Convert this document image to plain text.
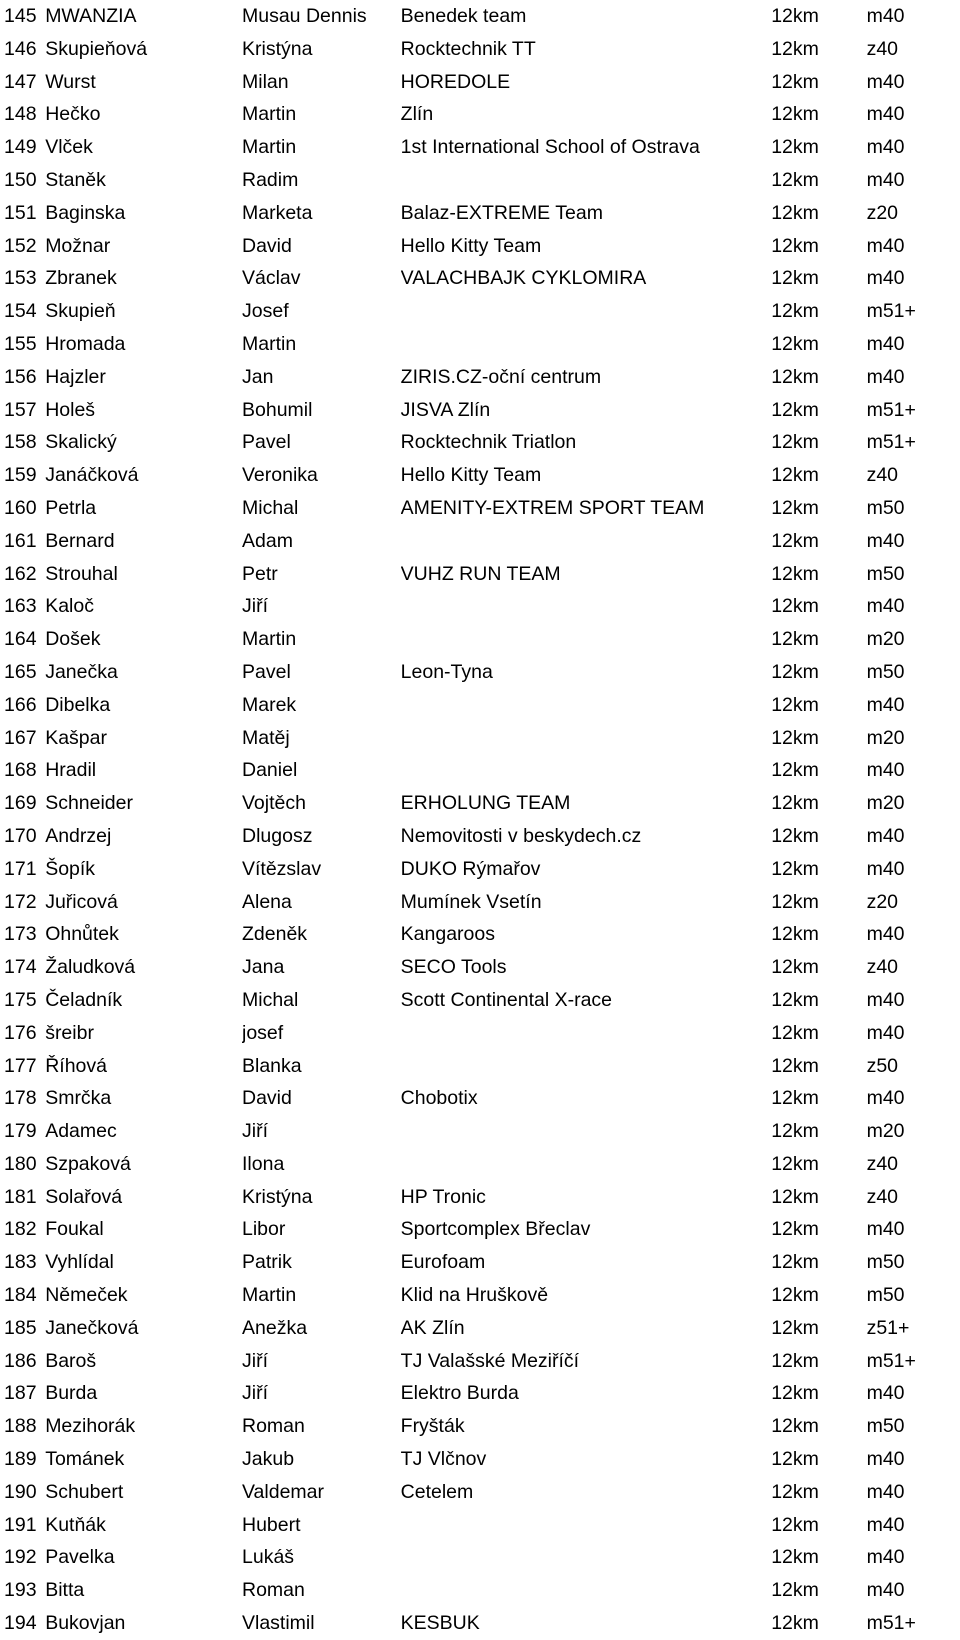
145	MWANZIA	Musau Dennis	Benedek team	12km	m40
146	Skupieňová	Kristýna	Rocktechnik TT	12km	z40
147	Wurst	Milan	HOREDOLE	12km	m40
148	Hečko	Martin	Zlín	12km	m40
149	Vlček	Martin	1st International School of Ostrava	12km	m40
150	Staněk	Radim		12km	m40
151	Baginska	Marketa	Balaz-EXTREME Team	12km	z20
152	Možnar	David	Hello Kitty Team	12km	m40
153	Zbranek	Václav	VALACHBAJK CYKLOMIRA	12km	m40
154	Skupieň	Josef		12km	m51+
155	Hromada	Martin		12km	m40
156	Hajzler	Jan	ZIRIS.CZ-oční centrum	12km	m40
157	Holeš	Bohumil	JISVA Zlín	12km	m51+
158	Skalický	Pavel	Rocktechnik Triatlon	12km	m51+
159	Janáčková	Veronika	Hello Kitty Team	12km	z40
160	Petrla	Michal	AMENITY-EXTREM SPORT TEAM	12km	m50
161	Bernard	Adam		12km	m40
162	Strouhal	Petr	VUHZ RUN TEAM	12km	m50
163	Kaloč	Jiří		12km	m40
164	Došek	Martin		12km	m20
165	Janečka	Pavel	Leon-Tyna	12km	m50
166	Dibelka	Marek		12km	m40
167	Kašpar	Matěj		12km	m20
168	Hradil	Daniel		12km	m40
169	Schneider	Vojtěch	ERHOLUNG TEAM	12km	m20
170	Andrzej	Dlugosz	Nemovitosti v beskydech.cz	12km	m40
171	Šopík	Vítězslav	DUKO Rýmařov	12km	m40
172	Juřicová	Alena	Mumínek Vsetín	12km	z20
173	Ohnůtek	Zdeněk	Kangaroos	12km	m40
174	Žaludková	Jana	SECO Tools	12km	z40
175	Čeladník	Michal	Scott Continental X-race	12km	m40
176	šreibr	josef		12km	m40
177	Říhová	Blanka		12km	z50
178	Smrčka	David	Chobotix	12km	m40
179	Adamec	Jiří		12km	m20
180	Szpaková	Ilona		12km	z40
181	Solařová	Kristýna	HP Tronic	12km	z40
182	Foukal	Libor	Sportcomplex Břeclav	12km	m40
183	Vyhlídal	Patrik	Eurofoam	12km	m50
184	Němeček	Martin	Klid na Hruškově	12km	m50
185	Janečková	Anežka	AK Zlín	12km	z51+
186	Baroš	Jiří	TJ Valašské Meziříčí	12km	m51+
187	Burda	Jiří	Elektro Burda	12km	m40
188	Mezihorák	Roman	Fryšták	12km	m50
189	Tománek	Jakub	TJ Vlčnov	12km	m40
190	Schubert	Valdemar	Cetelem	12km	m40
191	Kutňák	Hubert		12km	m40
192	Pavelka	Lukáš		12km	m40
193	Bitta	Roman		12km	m40
194	Bukovjan	Vlastimil	KESBUK	12km	m51+
